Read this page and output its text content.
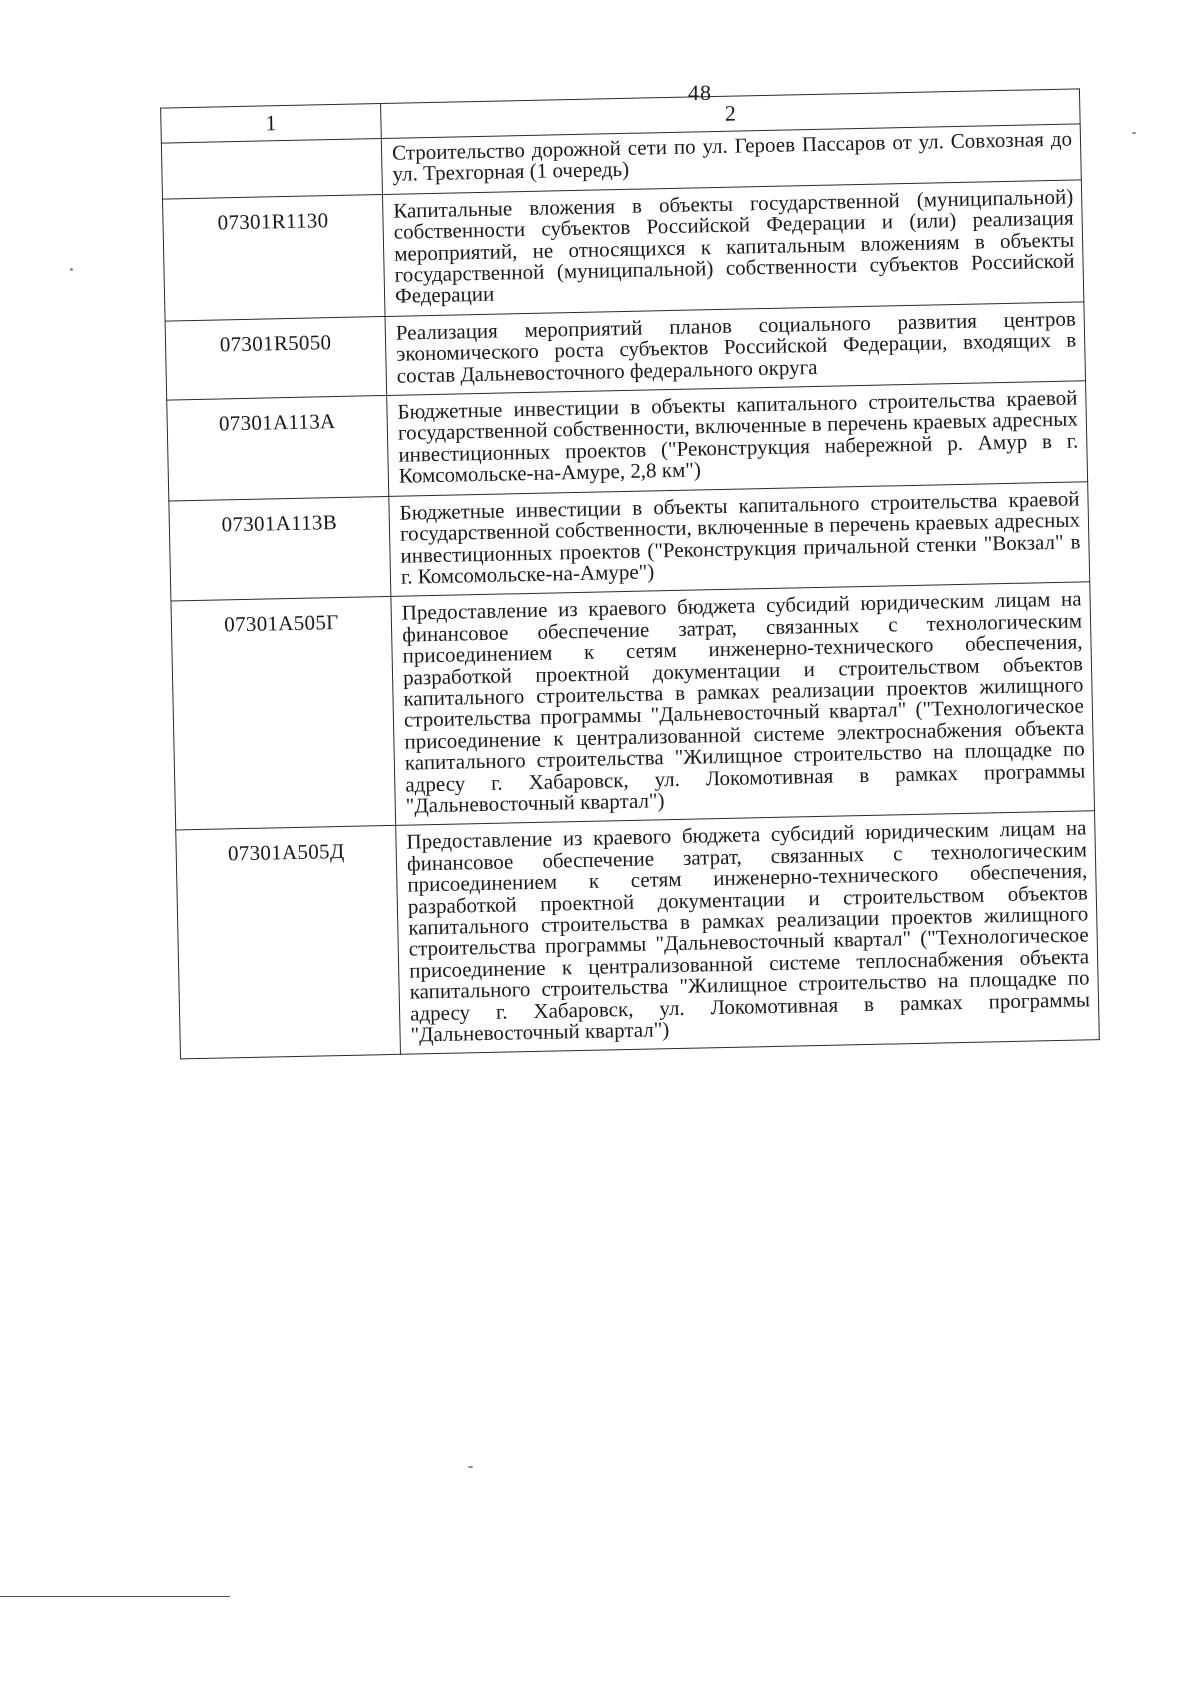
48
1	2
	Строительство дорожной сети по ул. Героев Пассаров от ул. Совхозная до ул. Трехгорная (1 очередь)
07301R1130	Капитальные вложения в объекты государственной (муниципальной) собственности субъектов Российской Федерации и (или) реализация мероприятий, не относящихся к капитальным вложениям в объекты государственной (муниципальной) собственности субъектов Российской Федерации
07301R5050	Реализация мероприятий планов социального развития центров экономического роста субъектов Российской Федерации, входящих в состав Дальневосточного федерального округа
07301A113A	Бюджетные инвестиции в объекты капитального строительства краевой государственной собственности, включенные в перечень краевых адресных инвестиционных проектов ("Реконструкция набережной р. Амур в г. Комсомольске-на-Амуре, 2,8 км")
07301A113B	Бюджетные инвестиции в объекты капитального строительства краевой государственной собственности, включенные в перечень краевых адресных инвестиционных проектов ("Реконструкция причальной стенки "Вокзал" в г. Комсомольске-на-Амуре")
07301A505Г	Предоставление из краевого бюджета субсидий юридическим лицам на финансовое обеспечение затрат, связанных с технологическим присоединением к сетям инженерно-технического обеспечения, разработкой проектной документации и строительством объектов капитального строительства в рамках реализации проектов жилищного строительства программы "Дальневосточный квартал" ("Технологическое присоединение к централизованной системе электроснабжения объекта капитального строительства "Жилищное строительство на площадке по адресу г. Хабаровск, ул. Локомотивная в рамках программы "Дальневосточный квартал")
07301A505Д	Предоставление из краевого бюджета субсидий юридическим лицам на финансовое обеспечение затрат, связанных с технологическим присоединением к сетям инженерно-технического обеспечения, разработкой проектной документации и строительством объектов капитального строительства в рамках реализации проектов жилищного строительства программы "Дальневосточный квартал" ("Технологическое присоединение к централизованной системе теплоснабжения объекта капитального строительства "Жилищное строительство на площадке по адресу г. Хабаровск, ул. Локомотивная в рамках программы "Дальневосточный квартал")
